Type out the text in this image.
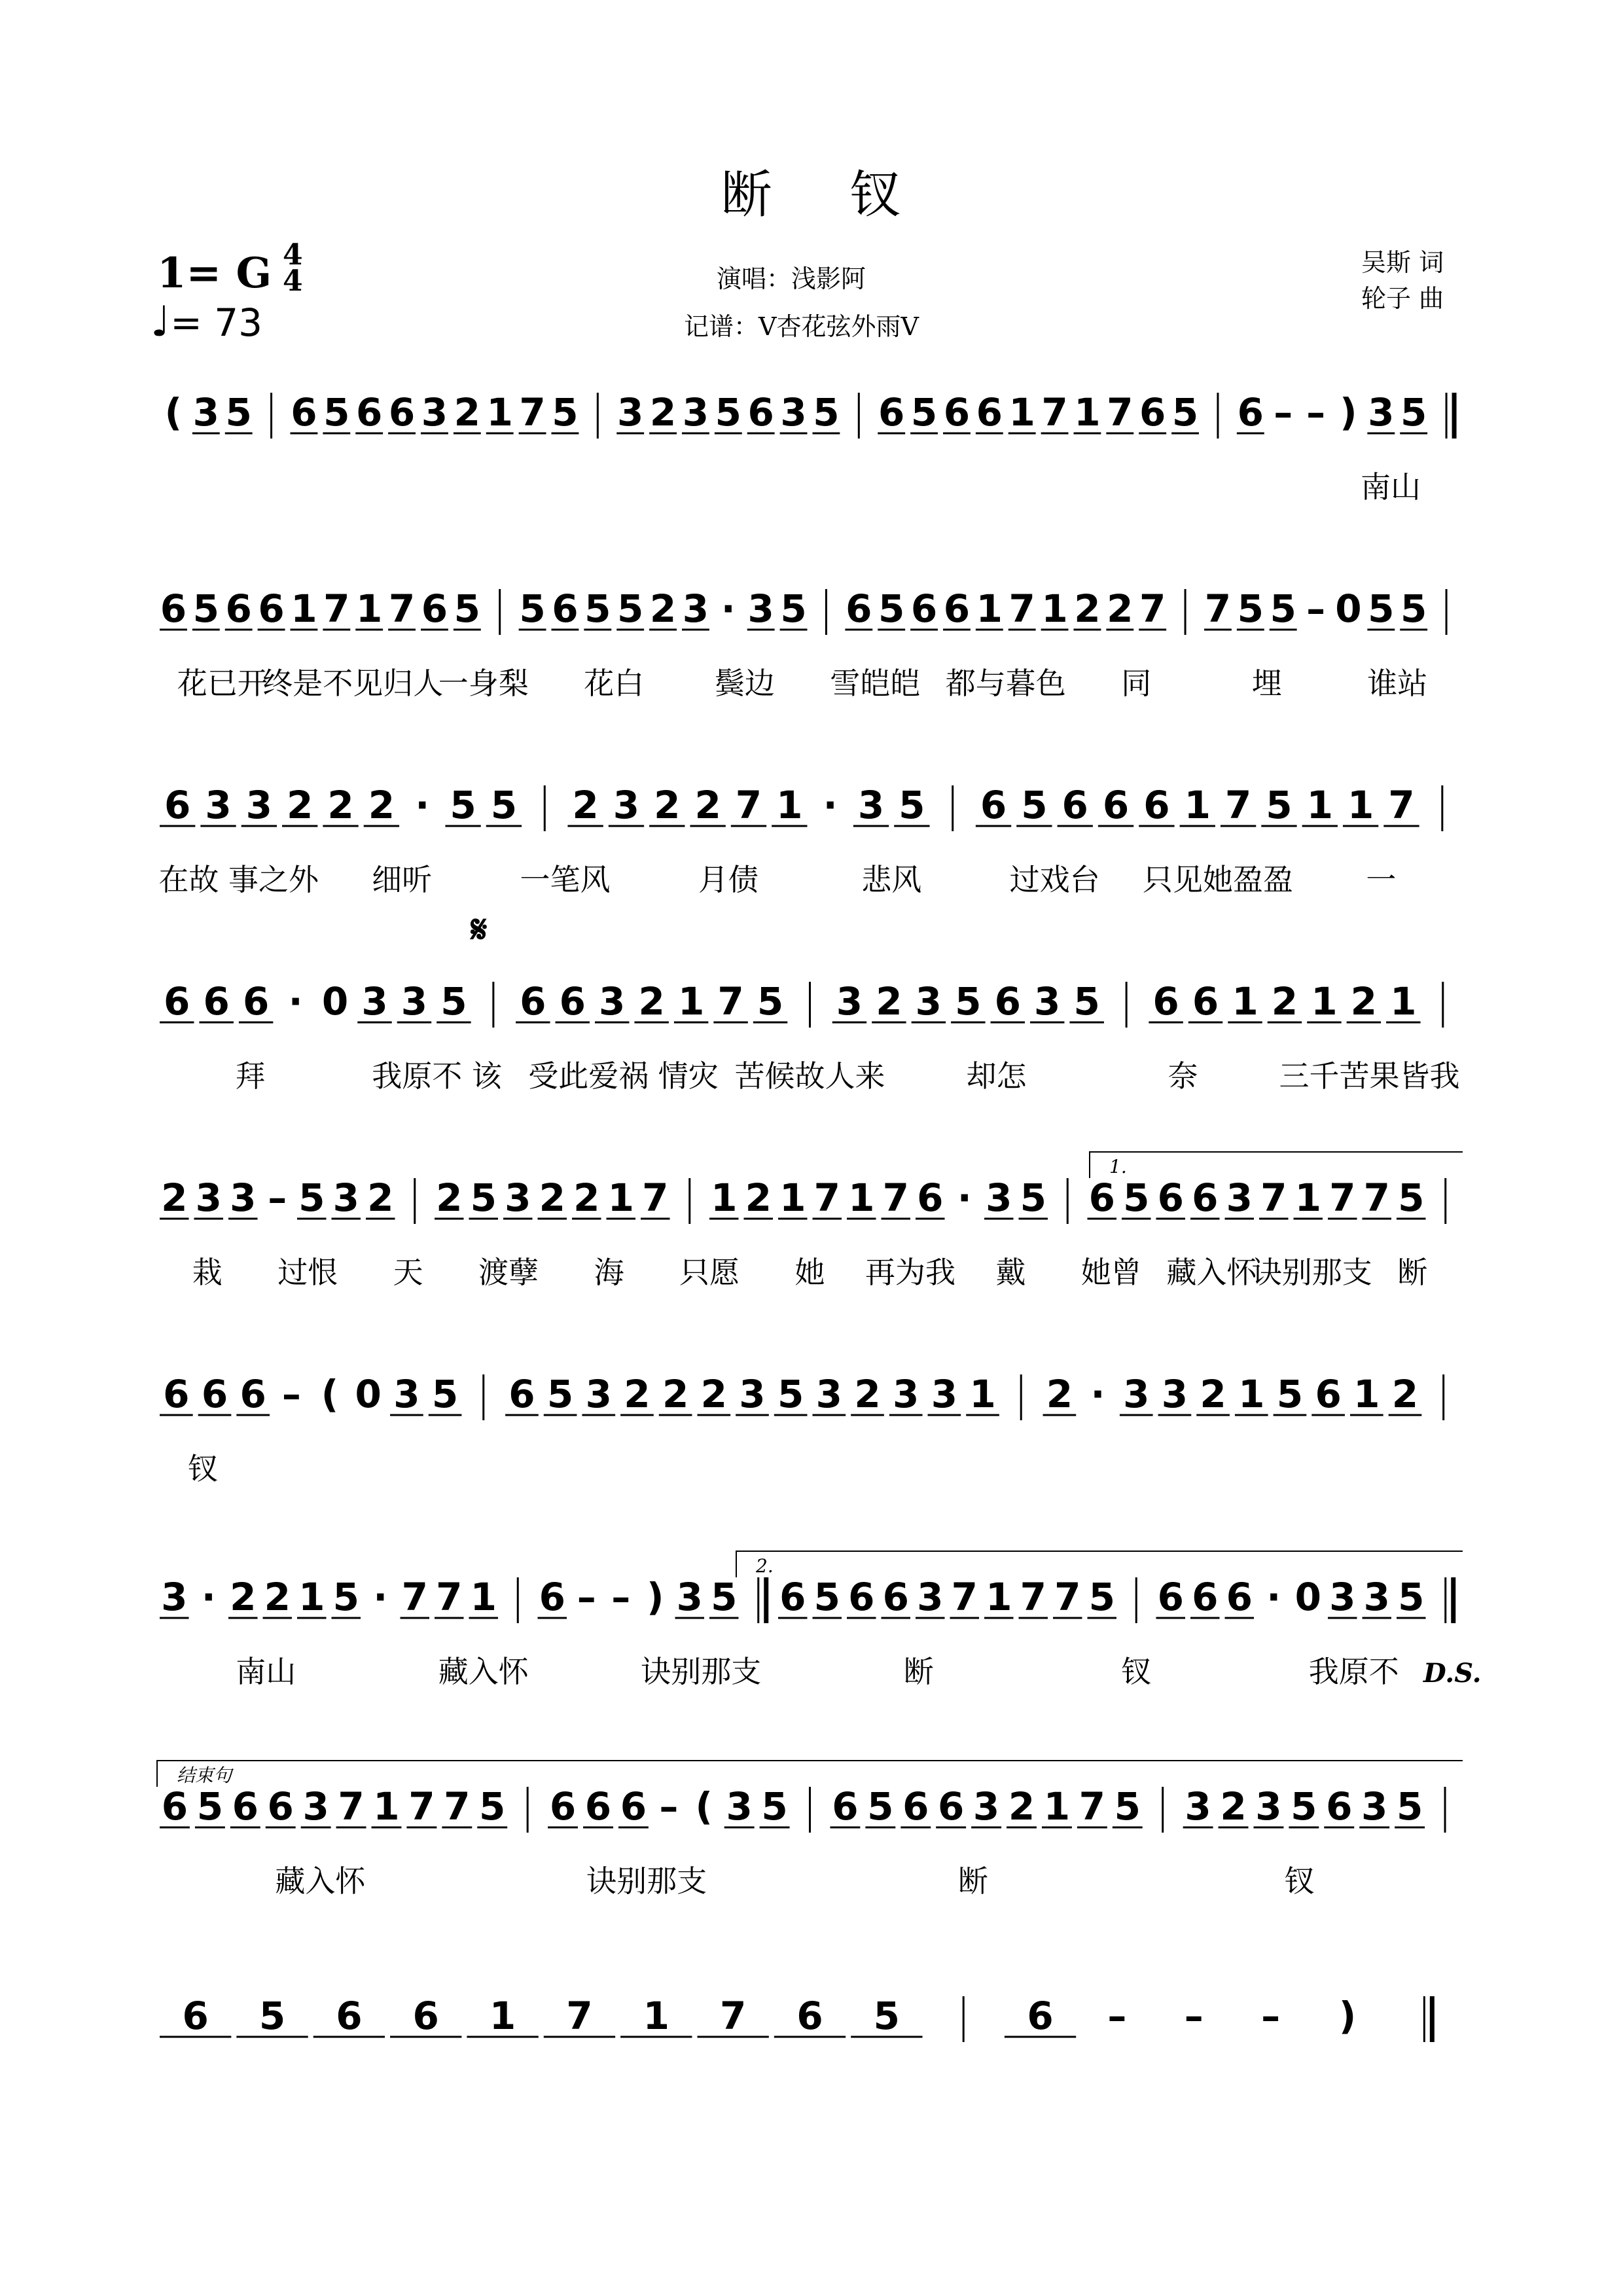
断 钗
1= G 4
4
♩= 73
演唱：浅影阿
记谱：V杏花弦外雨V
吴斯 词
轮子 曲
( 3 5 6 5 6 6 3 2 1 7 5 3 2 3 5 6 3 5 6 5 6 6 1 7 1 7 6 5 6 – – ) 3 5
南山
6 5 6 6 1 7 1 7 6 5 5 6 5 5 2 3 · 3 5 6 5 6 6 1 7 1 2 2 7 7 5 5 – 0 5 5
花已开
终是不见归人
一身梨 花白 鬓边 雪皑皑 都与暮色 同	埋	谁站
6 3 3 2 2 2 · 5 5 2 3 2 2 7 1 · 3 5 6 5 6 6 6 1 7 5 1 1 7
在故 事之外 细听	一笔风	月债	悲风	过戏台 只见她盈盈 一
6 6 6 · 0 3 3 5 6 6 3 2 1 7 5 3 2 3 5 6 3 5 6 6 1 2 1 2 1
𝄋
拜	我原不 该 受此爱祸 情灾 苦候故人来	却怎	奈	三千苦果皆我
1.
2 3 3 – 5 3 2 2 5 3 2 2 1 7 1 2 1 7 1 7 6 · 3 5 6 5 6 6 3 7 1 7 7 5
栽 过恨 天 渡孽 海 只愿 她 再为我 戴 她曾 藏入怀
诀别那支 断
6 6 6 – ( 0 3 5 6 5 3 2 2 2 3 5 3 2 3 3 1 2 · 3 3 2 1 5 6 1 2
钗
2.
3 · 2 2 1 5 · 7 7 1 6 – – ) 3 5 6 5 6 6 3 7 1 7 7 5 6 6 6 · 0 3 3 5
D.S.
南山	藏入怀	诀别那支	断	钗	我原不
结束句
6 5 6 6 3 7 1 7 7 5 6 6 6 – ( 3 5 6 5 6 6 3 2 1 7 5 3 2 3 5 6 3 5
藏入怀	诀别那支	断	钗
6 5 6 6 1 7 1 7 6 5	6 – – – )
